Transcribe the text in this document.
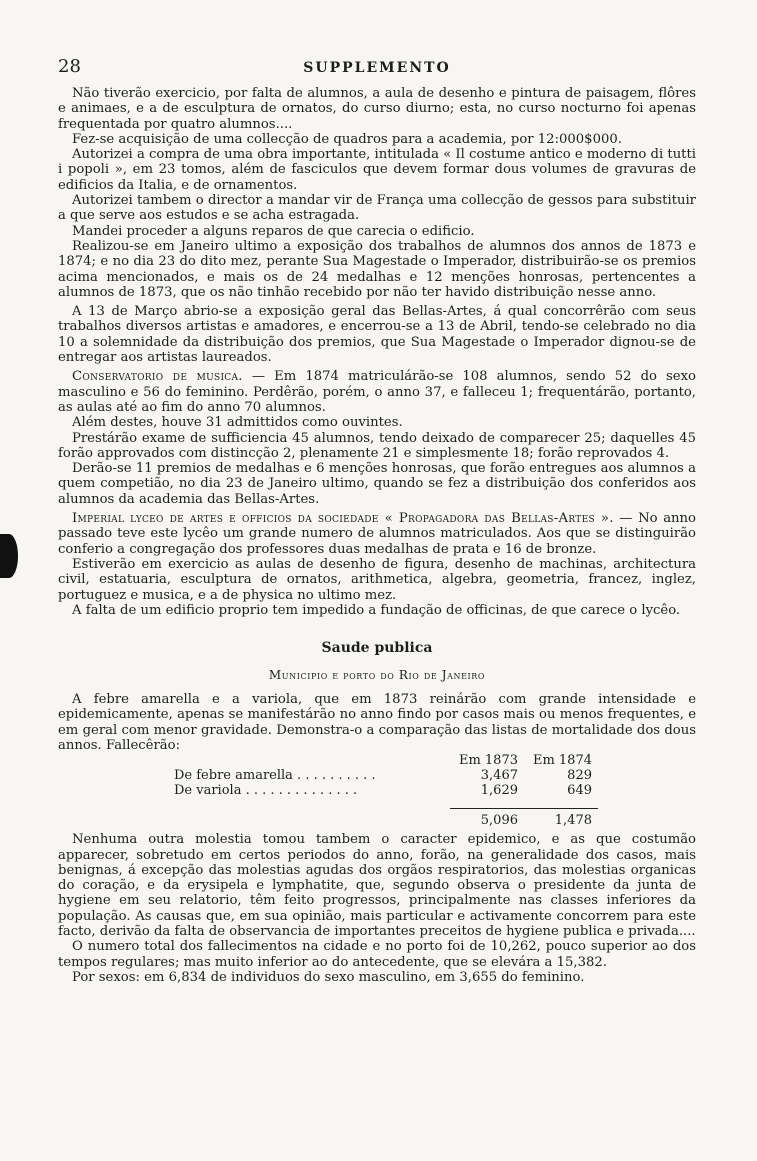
28	SUPPLEMENTO

Não tiverão exercicio, por falta de alumnos, a aula de desenho e pintura de paisagem, flôres e animaes, e a de esculptura de ornatos, do curso diurno; esta, no curso nocturno foi apenas frequentada por quatro alumnos....

Fez-se acquisição de uma collecção de quadros para a academia, por 12:000$000.

Autorizei a compra de uma obra importante, intitulada « Il costume antico e moderno di tutti i popoli », em 23 tomos, além de fasciculos que devem formar dous volumes de gravuras de edificios da Italia, e de ornamentos.

Autorizei tambem o director a mandar vir de França uma collecção de gessos para substituir a que serve aos estudos e se acha estragada.

Mandei proceder a alguns reparos de que carecia o edificio.

Realizou-se em Janeiro ultimo a exposição dos trabalhos de alumnos dos annos de 1873 e 1874; e no dia 23 do dito mez, perante Sua Magestade o Imperador, distribuirão-se os premios acima mencionados, e mais os de 24 medalhas e 12 menções honrosas, pertencentes a alumnos de 1873, que os não tinhão recebido por não ter havido distribuição nesse anno.

A 13 de Março abrio-se a exposição geral das Bellas-Artes, á qual concorrêrão com seus trabalhos diversos artistas e amadores, e encerrou-se a 13 de Abril, tendo-se celebrado no dia 10 a solemnidade da distribuição dos premios, que Sua Magestade o Imperador dignou-se de entregar aos artistas laureados.

Conservatorio de musica. — Em 1874 matriculárão-se 108 alumnos, sendo 52 do sexo masculino e 56 do feminino. Perdêrão, porém, o anno 37, e falleceu 1; frequentárão, portanto, as aulas até ao fim do anno 70 alumnos.

Além destes, houve 31 admittidos como ouvintes.

Prestárão exame de sufficiencia 45 alumnos, tendo deixado de comparecer 25; daquelles 45 forão approvados com distincção 2, plenamente 21 e simplesmente 18; forão reprovados 4.

Derão-se 11 premios de medalhas e 6 menções honrosas, que forão entregues aos alumnos a quem competião, no dia 23 de Janeiro ultimo, quando se fez a distribuição dos conferidos aos alumnos da academia das Bellas-Artes.

Imperial lyceo de artes e officios da sociedade « Propagadora das Bellas-Artes ». — No anno passado teve este lycêo um grande numero de alumnos matriculados. Aos que se distinguirão conferio a congregação dos professores duas medalhas de prata e 16 de bronze.

Estiverão em exercicio as aulas de desenho de figura, desenho de machinas, architectura civil, estatuaria, esculptura de ornatos, arithmetica, algebra, geometria, francez, inglez, portuguez e musica, e a de physica no ultimo mez.

A falta de um edificio proprio tem impedido a fundação de officinas, de que carece o lycêo.

Saude publica
Municipio e porto do Rio de Janeiro

A febre amarella e a variola, que em 1873 reinárão com grande intensidade e epidemicamente, apenas se manifestárão no anno findo por casos mais ou menos frequentes, e em geral com menor gravidade. Demonstra-o a comparação das listas de mortalidade dos dous annos. Fallecêrão:

	Em 1873	Em 1874
De febre amarella . . . . . . . . . .	3,467	829
De variola . . . . . . . . . . . . . .	1,629	649

	5,096	1,478

Nenhuma outra molestia tomou tambem o caracter epidemico, e as que costumão apparecer, sobretudo em certos periodos do anno, forão, na generalidade dos casos, mais benignas, á excepção das molestias agudas dos orgãos respiratorios, das molestias organicas do coração, e da erysipela e lymphatite, que, segundo observa o presidente da junta de hygiene em seu relatorio, têm feito progressos, principalmente nas classes inferiores da população. As causas que, em sua opinião, mais particular e activamente concorrem para este facto, derivão da falta de observancia de importantes preceitos de hygiene publica e privada....

O numero total dos fallecimentos na cidade e no porto foi de 10,262, pouco superior ao dos tempos regulares; mas muito inferior ao do antecedente, que se elevára a 15,382.

Por sexos: em 6,834 de individuos do sexo masculino, em 3,655 do feminino.
